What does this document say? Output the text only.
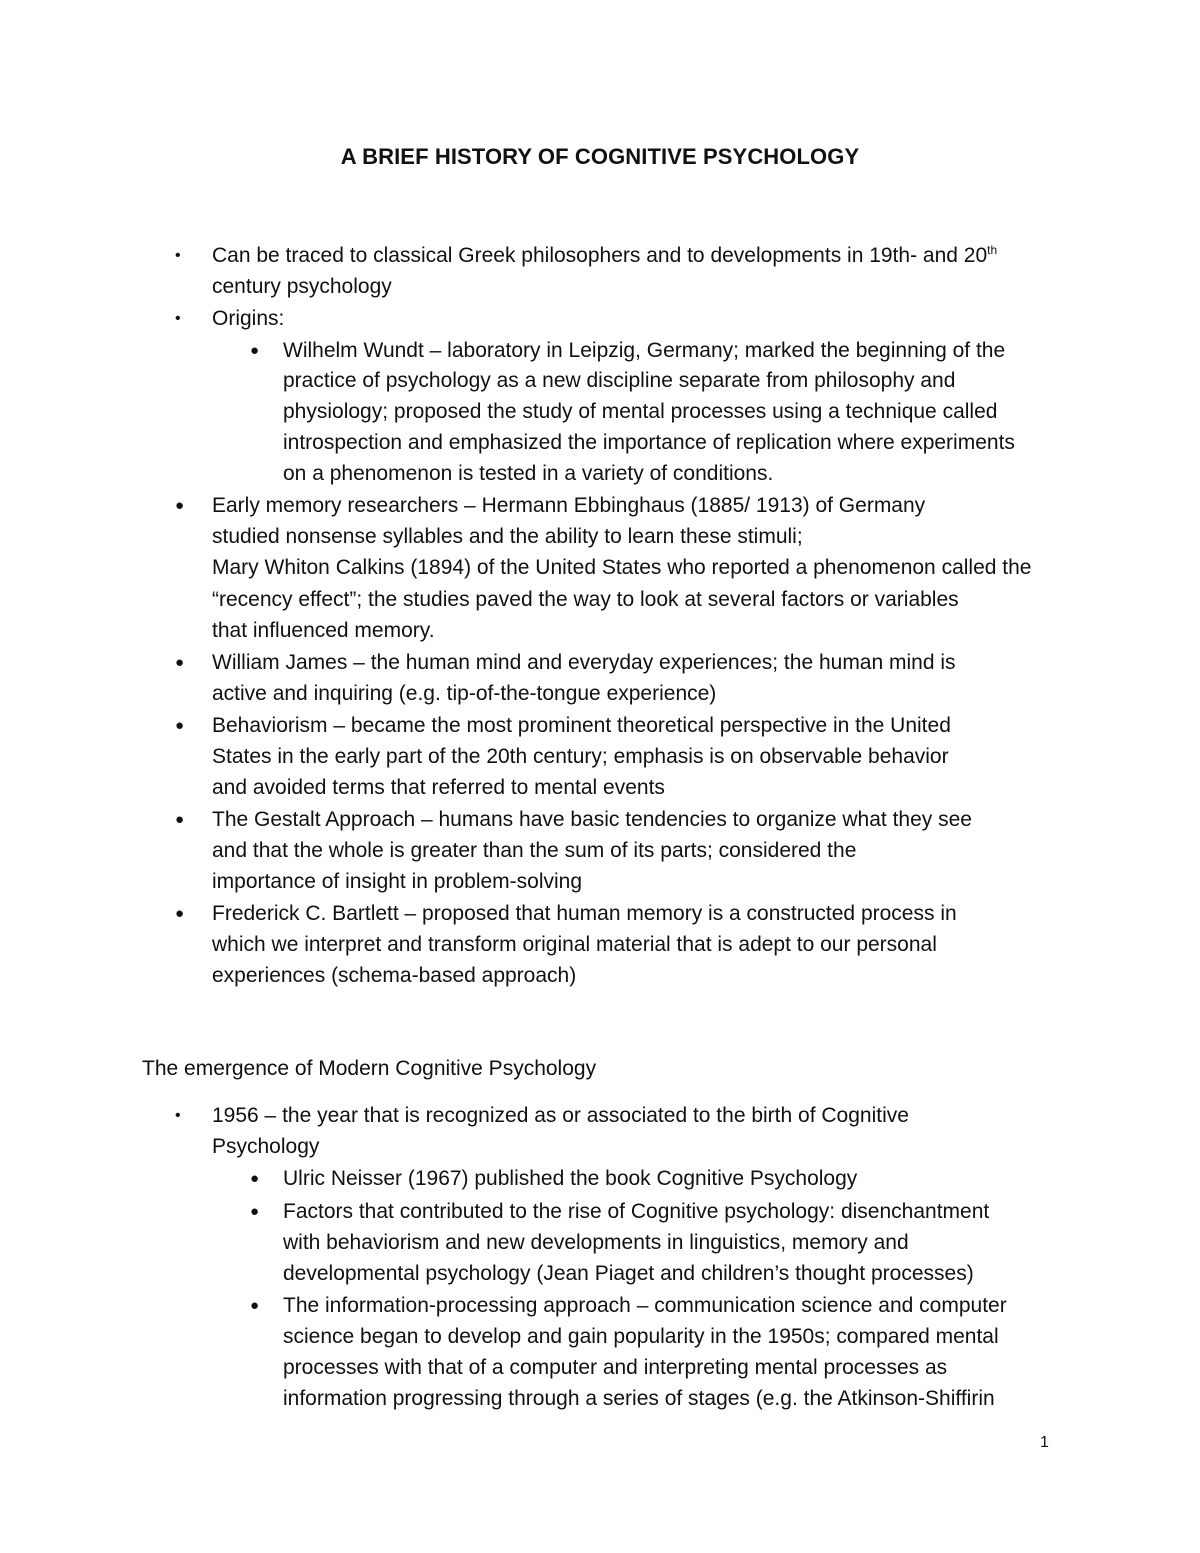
A BRIEF HISTORY OF COGNITIVE PSYCHOLOGY
• Can be traced to classical Greek philosophers and to developments in 19th- and 20th
century psychology
• Origins:
● Wilhelm Wundt – laboratory in Leipzig, Germany; marked the beginning of the
practice of psychology as a new discipline separate from philosophy and
physiology; proposed the study of mental processes using a technique called
introspection and emphasized the importance of replication where experiments
on a phenomenon is tested in a variety of conditions.
● Early memory researchers – Hermann Ebbinghaus (1885/ 1913) of Germany
studied nonsense syllables and the ability to learn these stimuli;
Mary Whiton Calkins (1894) of the United States who reported a phenomenon called the
“recency effect”; the studies paved the way to look at several factors or variables
that influenced memory.
● William James – the human mind and everyday experiences; the human mind is
active and inquiring (e.g. tip-of-the-tongue experience)
● Behaviorism – became the most prominent theoretical perspective in the United
States in the early part of the 20th century; emphasis is on observable behavior
and avoided terms that referred to mental events
● The Gestalt Approach – humans have basic tendencies to organize what they see
and that the whole is greater than the sum of its parts; considered the
importance of insight in problem-solving
● Frederick C. Bartlett – proposed that human memory is a constructed process in
which we interpret and transform original material that is adept to our personal
experiences (schema-based approach)
The emergence of Modern Cognitive Psychology
• 1956 – the year that is recognized as or associated to the birth of Cognitive
Psychology
● Ulric Neisser (1967) published the book Cognitive Psychology
● Factors that contributed to the rise of Cognitive psychology: disenchantment
with behaviorism and new developments in linguistics, memory and
developmental psychology (Jean Piaget and children’s thought processes)
● The information-processing approach – communication science and computer
science began to develop and gain popularity in the 1950s; compared mental
processes with that of a computer and interpreting mental processes as
information progressing through a series of stages (e.g. the Atkinson-Shiffirin
1
